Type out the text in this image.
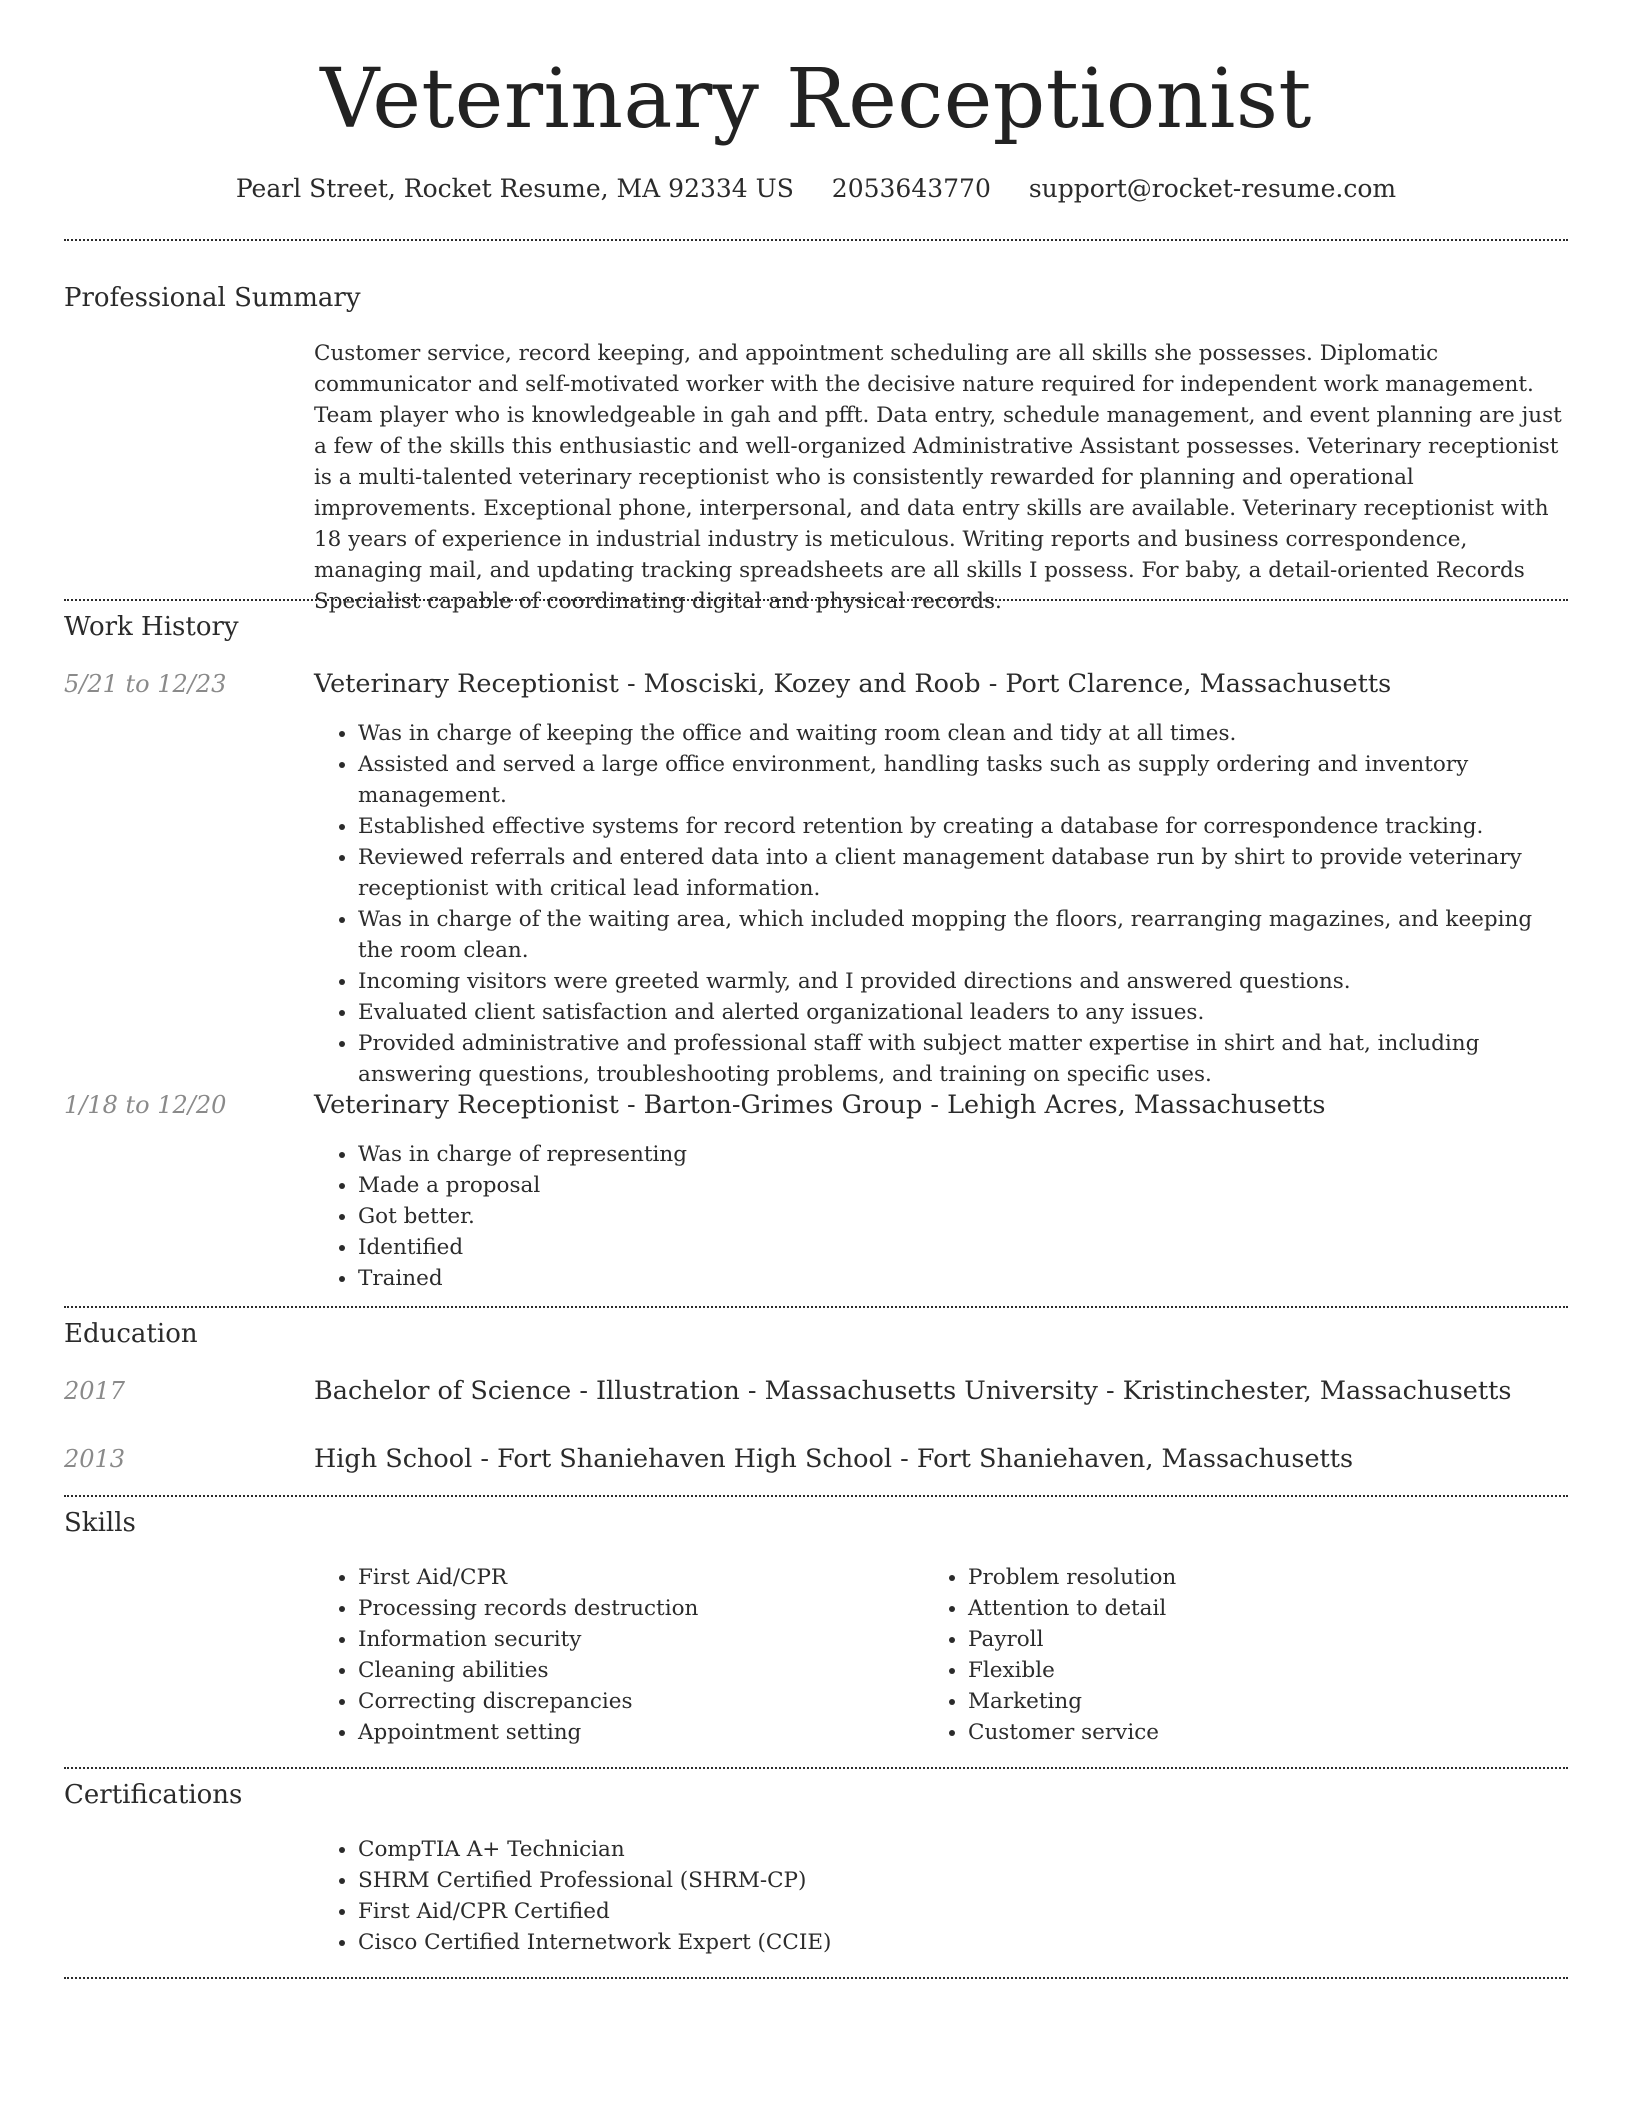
Veterinary Receptionist
Pearl Street, Rocket Resume, MA 92334 US 2053643770 support@rocket-resume.com
Professional Summary
Customer service, record keeping, and appointment scheduling are all skills she possesses. Diplomatic communicator and self-motivated worker with the decisive nature required for independent work management. Team player who is knowledgeable in gah and pfft. Data entry, schedule management, and event planning are just a few of the skills this enthusiastic and well-organized Administrative Assistant possesses. Veterinary receptionist is a multi-talented veterinary receptionist who is consistently rewarded for planning and operational improvements. Exceptional phone, interpersonal, and data entry skills are available. Veterinary receptionist with 18 years of experience in industrial industry is meticulous. Writing reports and business correspondence, managing mail, and updating tracking spreadsheets are all skills I possess. For baby, a detail-oriented Records Specialist capable of coordinating digital and physical records.
Work History
5/21 to 12/23	Veterinary Receptionist - Mosciski, Kozey and Roob - Port Clarence, Massachusetts
• Was in charge of keeping the office and waiting room clean and tidy at all times.
• Assisted and served a large office environment, handling tasks such as supply ordering and inventory management.
• Established effective systems for record retention by creating a database for correspondence tracking.
• Reviewed referrals and entered data into a client management database run by shirt to provide veterinary receptionist with critical lead information.
• Was in charge of the waiting area, which included mopping the floors, rearranging magazines, and keeping the room clean.
• Incoming visitors were greeted warmly, and I provided directions and answered questions.
• Evaluated client satisfaction and alerted organizational leaders to any issues.
• Provided administrative and professional staff with subject matter expertise in shirt and hat, including answering questions, troubleshooting problems, and training on specific uses.
1/18 to 12/20	Veterinary Receptionist - Barton-Grimes Group - Lehigh Acres, Massachusetts
• Was in charge of representing
• Made a proposal
• Got better.
• Identified
• Trained
Education
2017	Bachelor of Science - Illustration - Massachusetts University - Kristinchester, Massachusetts
2013	High School - Fort Shaniehaven High School - Fort Shaniehaven, Massachusetts
Skills
• First Aid/CPR
• Processing records destruction
• Information security
• Cleaning abilities
• Correcting discrepancies
• Appointment setting
• Problem resolution
• Attention to detail
• Payroll
• Flexible
• Marketing
• Customer service
Certifications
• CompTIA A+ Technician
• SHRM Certified Professional (SHRM-CP)
• First Aid/CPR Certified
• Cisco Certified Internetwork Expert (CCIE)
